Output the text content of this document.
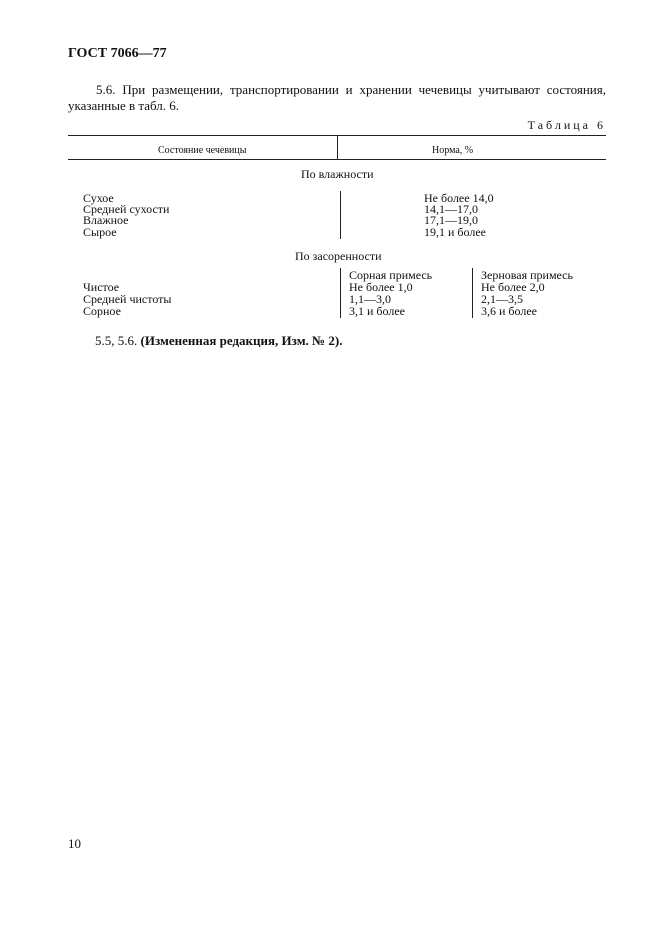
ГОСТ 7066—77
5.6. При размещении, транспортировании и хранении чечевицы учитывают состояния, указанные в табл. 6.
Таблица 6
Состояние чечевицы	Норма, %
По влажности
Сухое
Средней сухости
Влажное
Сырое
Не более 14,0
14,1—17,0
17,1—19,0
19,1 и более
По засоренности
Сорная примесь	Зерновая примесь
Чистое
Средней чистоты
Сорное
Не более 1,0
1,1—3,0
3,1 и более
Не более 2,0
2,1—3,5
3,6 и более
5.5, 5.6. (Измененная редакция, Изм. № 2).
10
